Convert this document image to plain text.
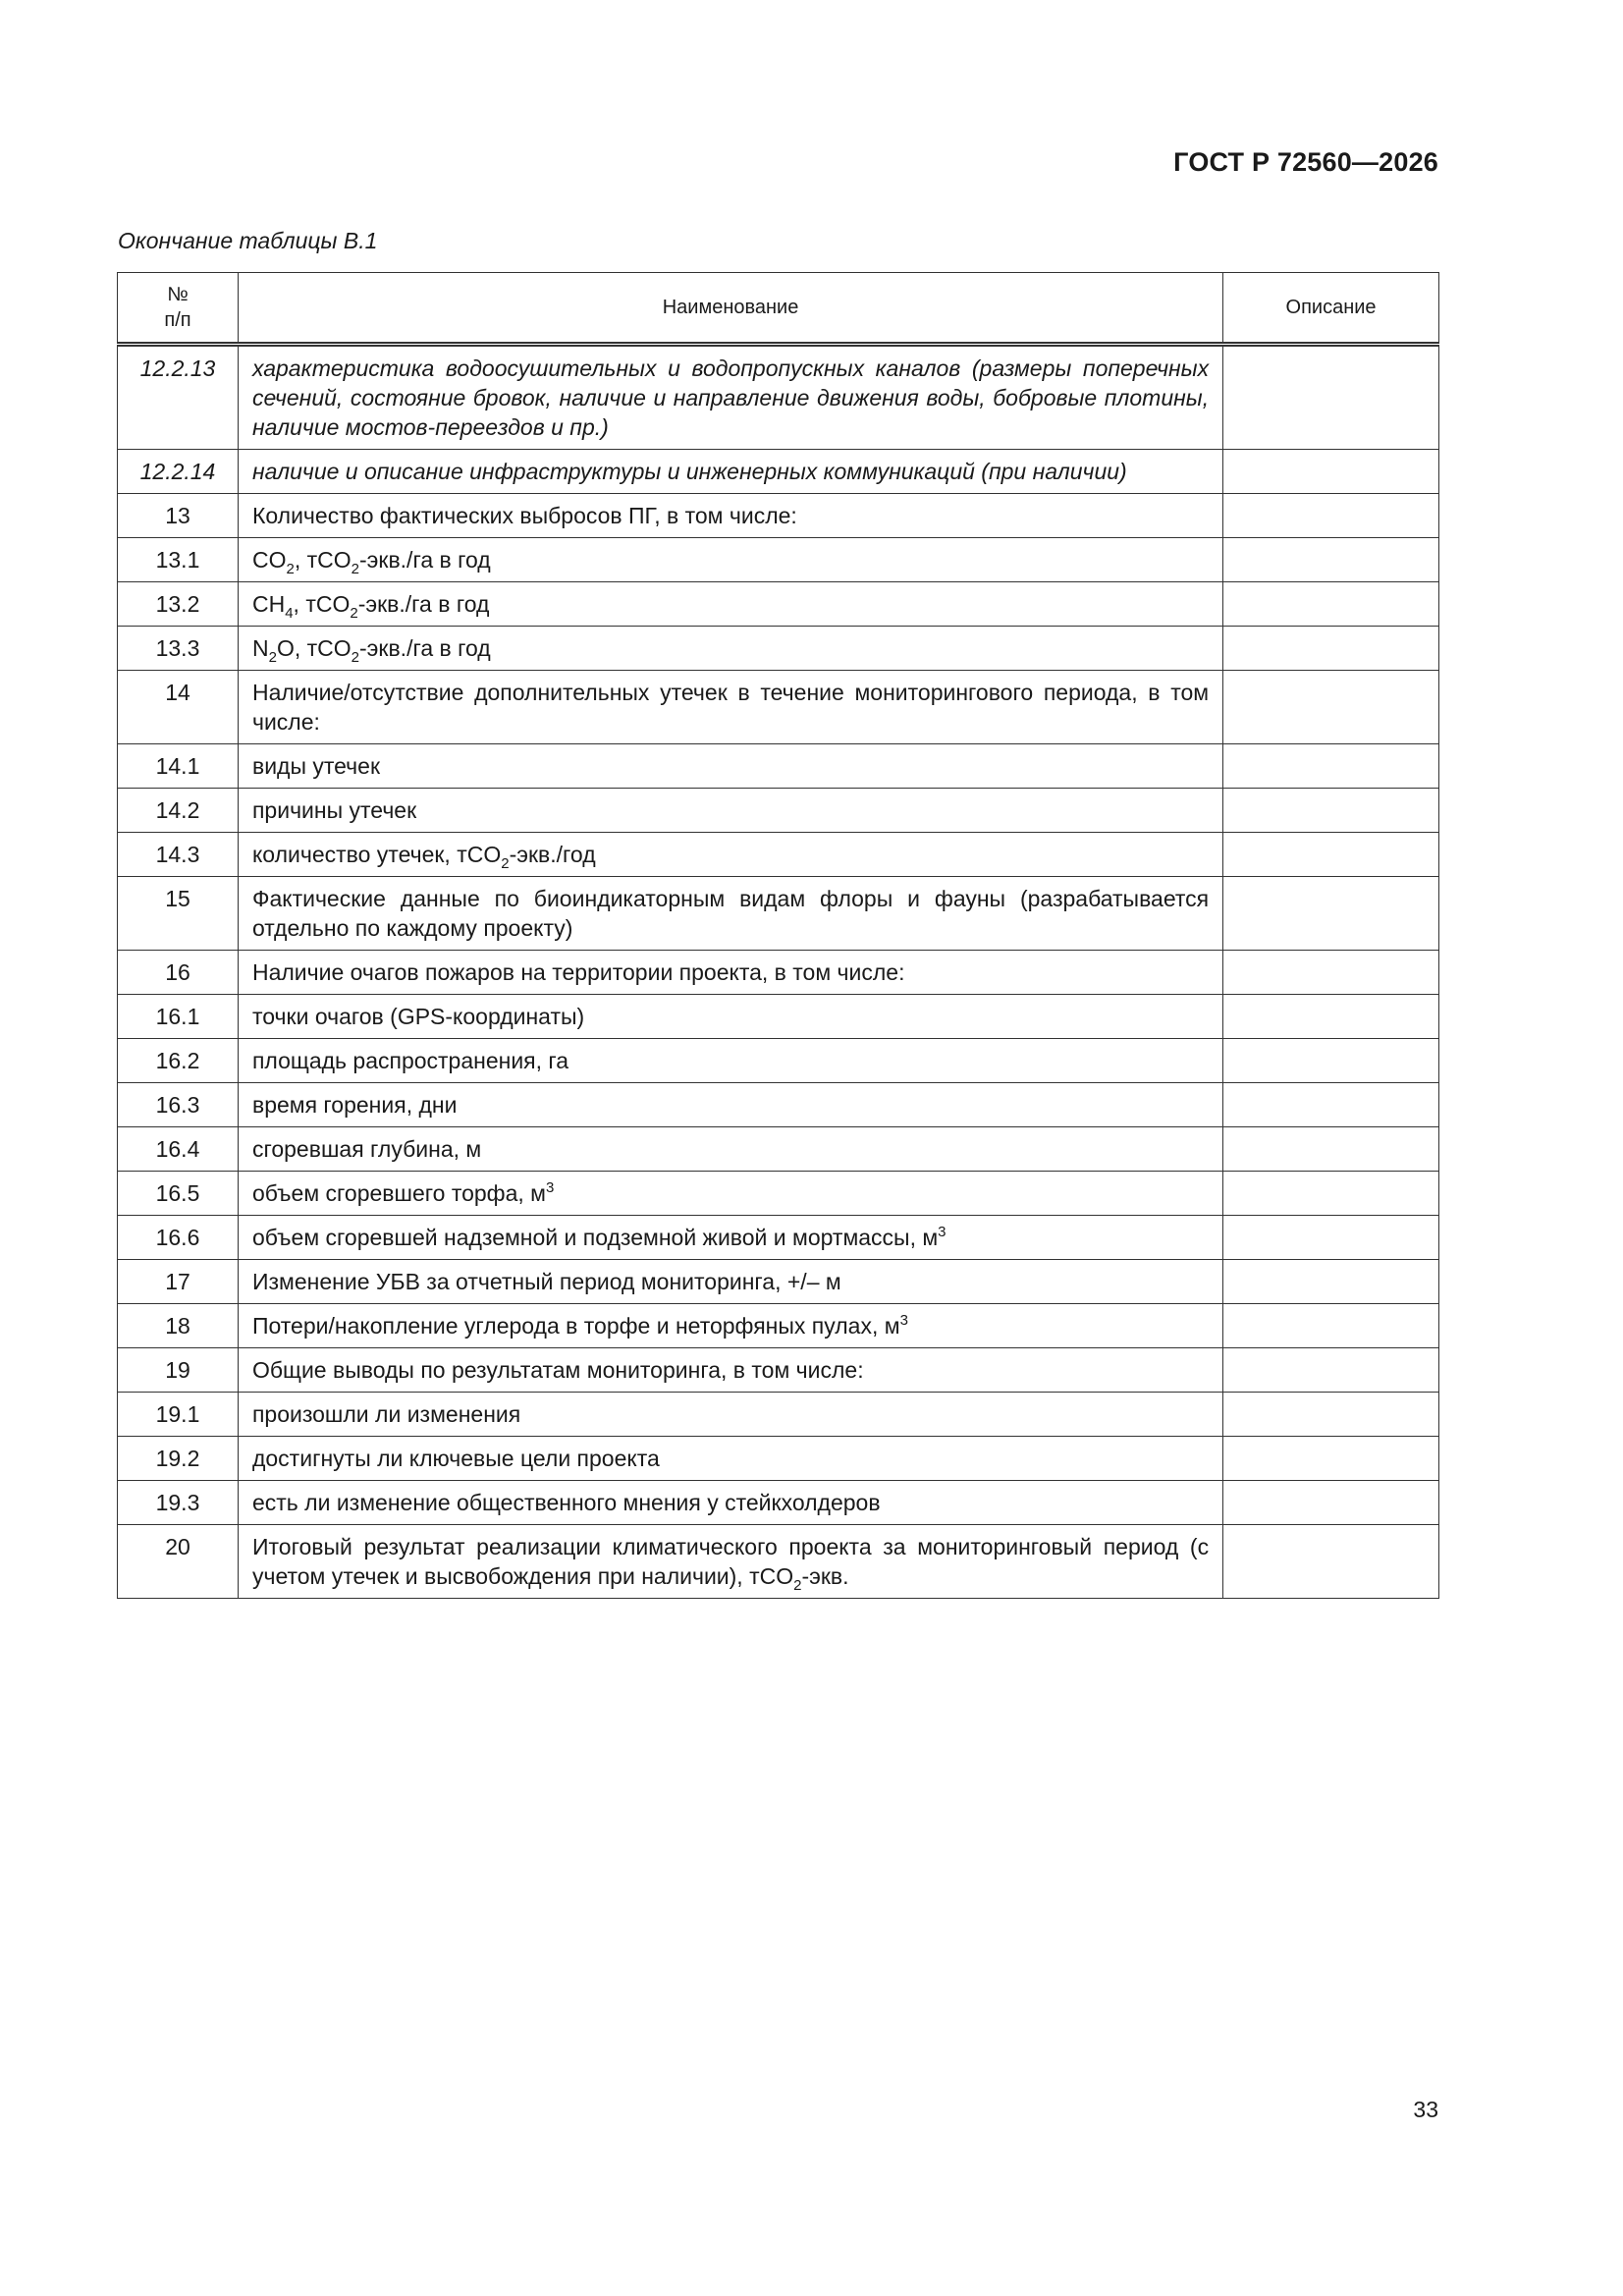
ГОСТ Р 72560—2026
Окончание таблицы В.1
№
п/п	Наименование	Описание
12.2.13	характеристика водоосушительных и водопропускных каналов (размеры поперечных сечений, состояние бровок, наличие и направление движения воды, бобровые плотины, наличие мостов-переездов и пр.)	
12.2.14	наличие и описание инфраструктуры и инженерных коммуникаций (при наличии)	
13	Количество фактических выбросов ПГ, в том числе:	
13.1	$CO_2$, тCO$_2$-экв./га в год	
13.2	$CH_4$, тCO$_2$-экв./га в год	
13.3	$N_2O$, тCO$_2$-экв./га в год	
14	Наличие/отсутствие дополнительных утечек в течение мониторингового периода, в том числе:	
14.1	виды утечек	
14.2	причины утечек	
14.3	количество утечек, тCO$_2$-экв./год	
15	Фактические данные по биоиндикаторным видам флоры и фауны (разрабатывается отдельно по каждому проекту)	
16	Наличие очагов пожаров на территории проекта, в том числе:	
16.1	точки очагов (GPS-координаты)	
16.2	площадь распространения, га	
16.3	время горения, дни	
16.4	сгоревшая глубина, м	
16.5	объем сгоревшего торфа, $м^3$	
16.6	объем сгоревшей надземной и подземной живой и мортмассы, $м^3$	
17	Изменение УБВ за отчетный период мониторинга, +/– м	
18	Потери/накопление углерода в торфе и неторфяных пулах, $м^3$	
19	Общие выводы по результатам мониторинга, в том числе:	
19.1	произошли ли изменения	
19.2	достигнуты ли ключевые цели проекта	
19.3	есть ли изменение общественного мнения у стейкхолдеров	
20	Итоговый результат реализации климатического проекта за мониторинговый период (с учетом утечек и высвобождения при наличии), тCO$_2$-экв.	
33
